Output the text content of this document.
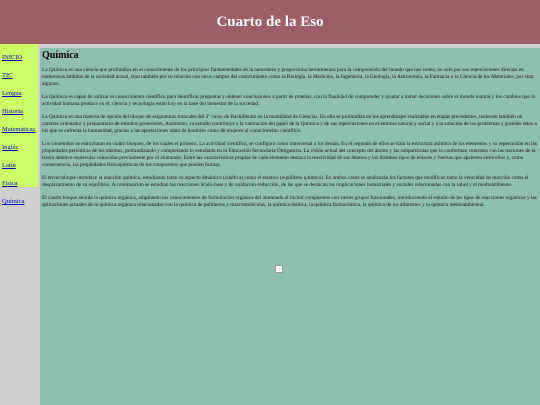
Cuarto de la Eso
INICIO
TIC
Lengua
Historia
Matemáticas
Inglés
Latín
Física
Química
Química

La Química es una ciencia que profundiza en el conocimiento de los principios fundamentales de la naturaleza y proporciona herramientas para la comprensión del mundo que nos rodea, no solo por sus repercusiones directas en numerosos ámbitos de la sociedad actual, sino también por su relación con otros campos del conocimiento como la Biología, la Medicina, la Ingeniería, la Geología, la Astronomía, la Farmacia o la Ciencia de los Materiales, por citar algunos.

La Química es capaz de utilizar el conocimiento científico para identificar preguntas y obtener conclusiones a partir de pruebas, con la finalidad de comprender y ayudar a tomar decisiones sobre el mundo natural y los cambios que la actividad humana produce en él; ciencia y tecnología están hoy en la base del bienestar de la sociedad.

La Química es una materia de opción del bloque de asignaturas troncales del 2º curso de Bachillerato en la modalidad de Ciencias. En ella se profundiza en los aprendizajes realizados en etapas precedentes, teniendo también un carácter orientador y preparatorio de estudios posteriores. Asimismo, su estudio contribuye a la valoración del papel de la Química y de sus repercusiones en el entorno natural y social y a la solución de los problemas y grandes retos a los que se enfrenta la humanidad, gracias a las aportaciones tanto de hombres como de mujeres al conocimiento científico.

Los contenidos se estructuran en cuatro bloques, de los cuales el primero, La actividad científica, se configura como transversal a los demás. En el segundo de ellos se trata la estructura atómica de los elementos y su repercusión en las propiedades periódicas de los mismos, profundizando y completando lo estudiado en la Educación Secundaria Obligatoria. La visión actual del concepto del átomo y las subpartículas que lo conforman contrasta con las nociones de la teoría atómico-molecular conocidas previamente por el alumnado. Entre las características propias de cada elemento destaca la reactividad de sus átomos y los distintos tipos de enlaces y fuerzas que aparecen entre ellos y, como consecuencia, las propiedades fisicoquímicas de los compuestos que pueden formar.

El tercer bloque introduce la reacción química, estudiando tanto su aspecto dinámico (cinética) como el estático (equilibrio químico). En ambos casos se analizarán los factores que modifican tanto la velocidad de reacción como el desplazamiento de su equilibrio. A continuación se estudian las reacciones ácido-base y de oxidación-reducción, de las que se destacan las implicaciones industriales y sociales relacionadas con la salud y el medioambiente.

El cuarto bloque aborda la química orgánica, ampliando los conocimientos de formulación orgánica del alumnado al incluir compuestos con varios grupos funcionales, introduciendo el estudio de los tipos de reacciones orgánicas y las aplicaciones actuales de la química orgánica relacionadas con la química de polímeros y macromoléculas, la química médica, la química farmacéutica, la química de los alimentos y la química medioambiental.
